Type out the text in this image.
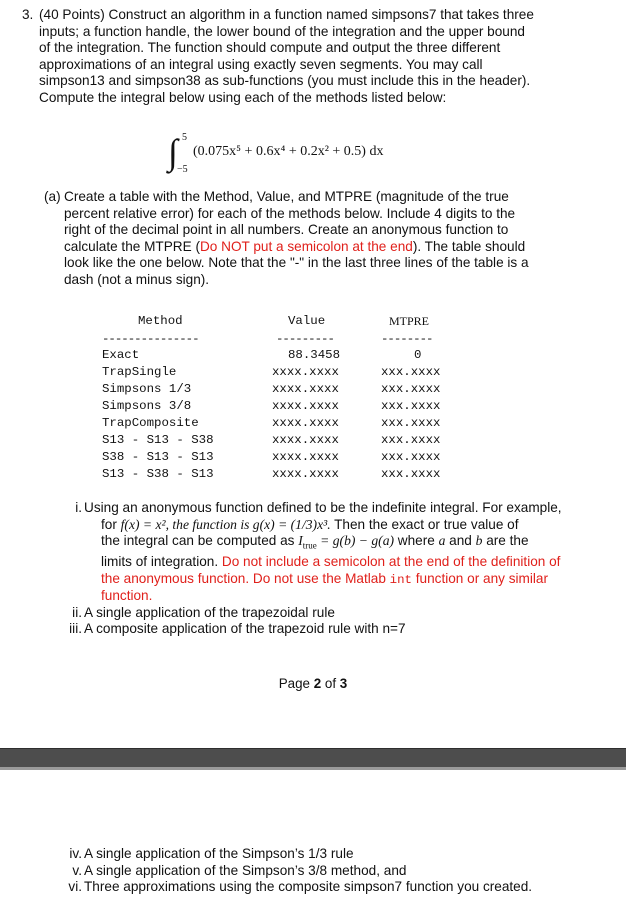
3. (40 Points) Construct an algorithm in a function named simpsons7 that takes three
inputs; a function handle, the lower bound of the integration and the upper bound
of the integration. The function should compute and output the three different
approximations of an integral using exactly seven segments. You may call
simpson13 and simpson38 as sub-functions (you must include this in the header).
Compute the integral below using each of the methods listed below:
∫ 5
−5
(0.075x⁵ + 0.6x⁴ + 0.2x² + 0.5) dx
(a) Create a table with the Method, Value, and MTPRE (magnitude of the true
percent relative error) for each of the methods below. Include 4 digits to the
right of the decimal point in all numbers. Create an anonymous function to
calculate the MTPRE (Do NOT put a semicolon at the end). The table should
look like the one below. Note that the "-" in the last three lines of the table is a
dash (not a minus sign).
Method	Value	MTPRE
---------------	---------	--------
Exact	88.3458	0
TrapSingle	xxxx.xxxx	xxx.xxxx
Simpsons 1/3	xxxx.xxxx	xxx.xxxx
Simpsons 3/8	xxxx.xxxx	xxx.xxxx
TrapComposite	xxxx.xxxx	xxx.xxxx
S13 - S13 - S38	xxxx.xxxx	xxx.xxxx
S38 - S13 - S13	xxxx.xxxx	xxx.xxxx
S13 - S38 - S13	xxxx.xxxx	xxx.xxxx
i. Using an anonymous function defined to be the indefinite integral. For example,
for f(x) = x², the function is g(x) = (1/3)x³. Then the exact or true value of
the integral can be computed as $I_{true} = g(b) - g(a)$ where a and b are the
limits of integration. Do not include a semicolon at the end of the definition of
the anonymous function. Do not use the Matlab int function or any similar
function.
ii. A single application of the trapezoidal rule
iii. A composite application of the trapezoid rule with n=7
Page 2 of 3
iv. A single application of the Simpson’s 1/3 rule
v. A single application of the Simpson’s 3/8 method, and
vi. Three approximations using the composite simpson7 function you created.
